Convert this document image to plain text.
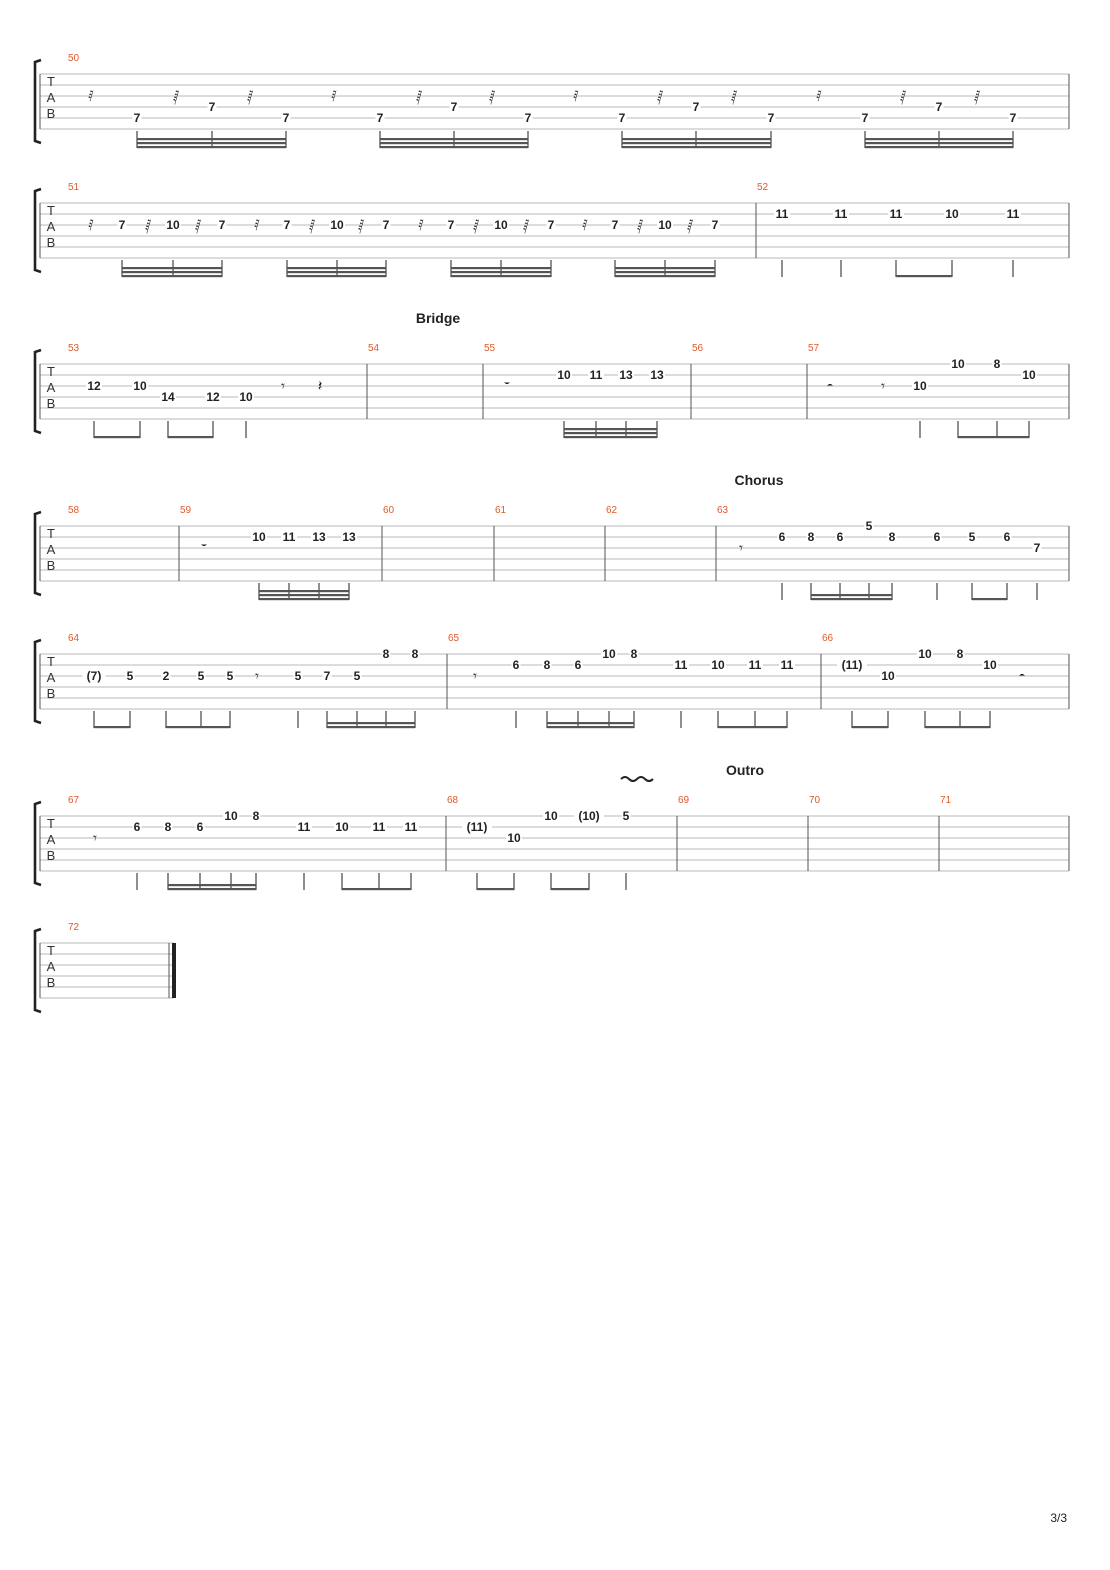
T
A
B
50
𝅀	𝅁	𝅁	𝅀	𝅁	𝅁	𝅀	𝅁	𝅁	𝅀	𝅁	𝅁
7
7
7	7
7
7	7
7
7	7
7
7
T
A
B
51	52
𝅀	𝅁	𝅁	𝅀	𝅁	𝅁	𝅀	𝅁	𝅁	𝅀	𝅁	𝅁
7	10	7	7	10	7	7	10	7	7	10	7
11	11	11	10	11
T
A
B
53	54	55	56	57
𝄾 𝄽	𝄻	𝄼	𝄾
12	10
14	12 10
10 11 13 13
10
10 8
10
T
A
B
58	59	60	61	62	63
𝄻	𝄾
10 11 13 13	6 8 6
5
8	6 5 6
7
T
A
B
64	65	66
𝄾	𝄾	𝄼
(7) 5 2 5 5	5 7 5
8 8
6 8 6
10 8
11 10 11 11	(11)
10
10 8
10
T
A
B
67	68	69	70	71
𝄾
6 8 6
10 8
11 10 11 11	(11)
10
10 (10) 5
T
A
B
72
Bridge
Chorus
Outro
3/3
